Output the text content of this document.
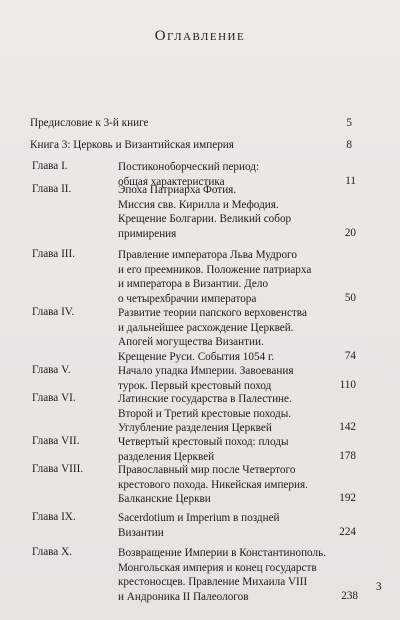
Оглавление
Предисловие к 3-й книге	5
Книга 3: Церковь и Византийская империя	8
Глава I.	Постиконоборческий период:
общая характеристика	11
Глава II.	Эпоха Патриарха Фотия.
Миссия свв. Кирилла и Мефодия.
Крещение Болгарии. Великий собор
примирения	20
Глава III.	Правление императора Льва Мудрого
и его преемников. Положение патриарха
и императора в Византии. Дело
о четырехбрачии императора	50
Глава IV.	Развитие теории папского верховенства
и дальнейшее расхождение Церквей.
Апогей могущества Византии.
Крещение Руси. События 1054 г.	74
Глава V.	Начало упадка Империи. Завоевания
турок. Первый крестовый поход	110
Глава VI.	Латинские государства в Палестине.
Второй и Третий крестовые походы.
Углубление разделения Церквей	142
Глава VII.	Четвертый крестовый поход: плоды
разделения Церквей	178
Глава VIII.	Православный мир после Четвертого
крестового похода. Никейская империя.
Балканские Церкви	192
Глава IX.	Sacerdotium и Imperium в поздней
Византии	224
Глава X.	Возвращение Империи в Константинополь.
Монгольская империя и конец государств
крестоносцев. Правление Михаила VIII
и Андроника II Палеологов	238
3
